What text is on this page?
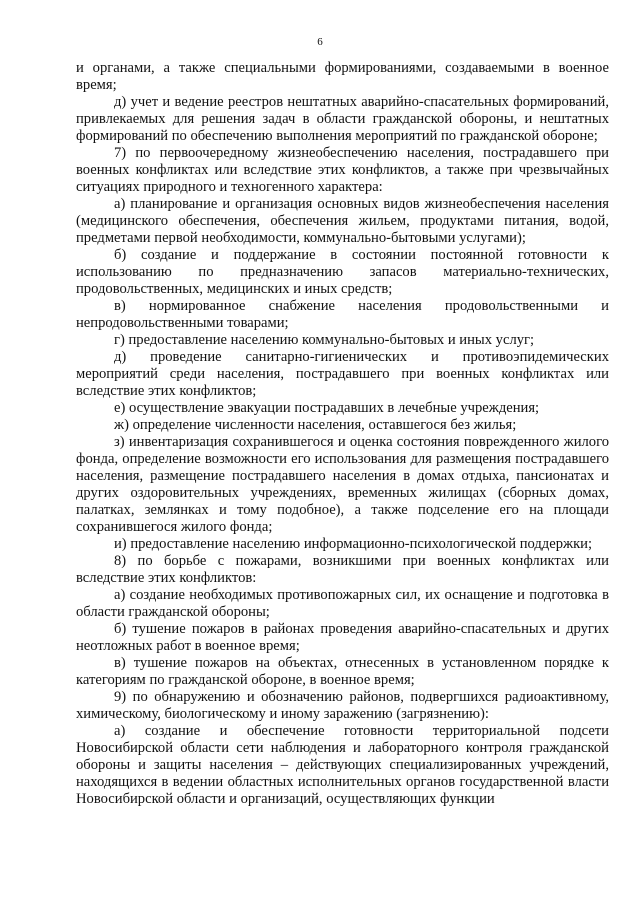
6

и органами, а также специальными формированиями, создаваемыми в военное время;

д) учет и ведение реестров нештатных аварийно-спасательных формирований, привлекаемых для решения задач в области гражданской обороны, и нештатных формирований по обеспечению выполнения мероприятий по гражданской обороне;

7) по первоочередному жизнеобеспечению населения, пострадавшего при военных конфликтах или вследствие этих конфликтов, а также при чрезвычайных ситуациях природного и техногенного характера:

а) планирование и организация основных видов жизнеобеспечения населения (медицинского обеспечения, обеспечения жильем, продуктами питания, водой, предметами первой необходимости, коммунально-бытовыми услугами);

б) создание и поддержание в состоянии постоянной готовности к использованию по предназначению запасов материально-технических, продовольственных, медицинских и иных средств;

в) нормированное снабжение населения продовольственными и непродовольственными товарами;

г) предоставление населению коммунально-бытовых и иных услуг;

д) проведение санитарно-гигиенических и противоэпидемических мероприятий среди населения, пострадавшего при военных конфликтах или вследствие этих конфликтов;

е) осуществление эвакуации пострадавших в лечебные учреждения;

ж) определение численности населения, оставшегося без жилья;

з) инвентаризация сохранившегося и оценка состояния поврежденного жилого фонда, определение возможности его использования для размещения пострадавшего населения, размещение пострадавшего населения в домах отдыха, пансионатах и других оздоровительных учреждениях, временных жилищах (сборных домах, палатках, землянках и тому подобное), а также подселение его на площади сохранившегося жилого фонда;

и) предоставление населению информационно-психологической поддержки;

8) по борьбе с пожарами, возникшими при военных конфликтах или вследствие этих конфликтов:

а) создание необходимых противопожарных сил, их оснащение и подготовка в области гражданской обороны;

б) тушение пожаров в районах проведения аварийно-спасательных и других неотложных работ в военное время;

в) тушение пожаров на объектах, отнесенных в установленном порядке к категориям по гражданской обороне, в военное время;

9) по обнаружению и обозначению районов, подвергшихся радиоактивному, химическому, биологическому и иному заражению (загрязнению):

а) создание и обеспечение готовности территориальной подсети Новосибирской области сети наблюдения и лабораторного контроля гражданской обороны и защиты населения – действующих специализированных учреждений, находящихся в ведении областных исполнительных органов государственной власти Новосибирской области и организаций, осуществляющих функции
